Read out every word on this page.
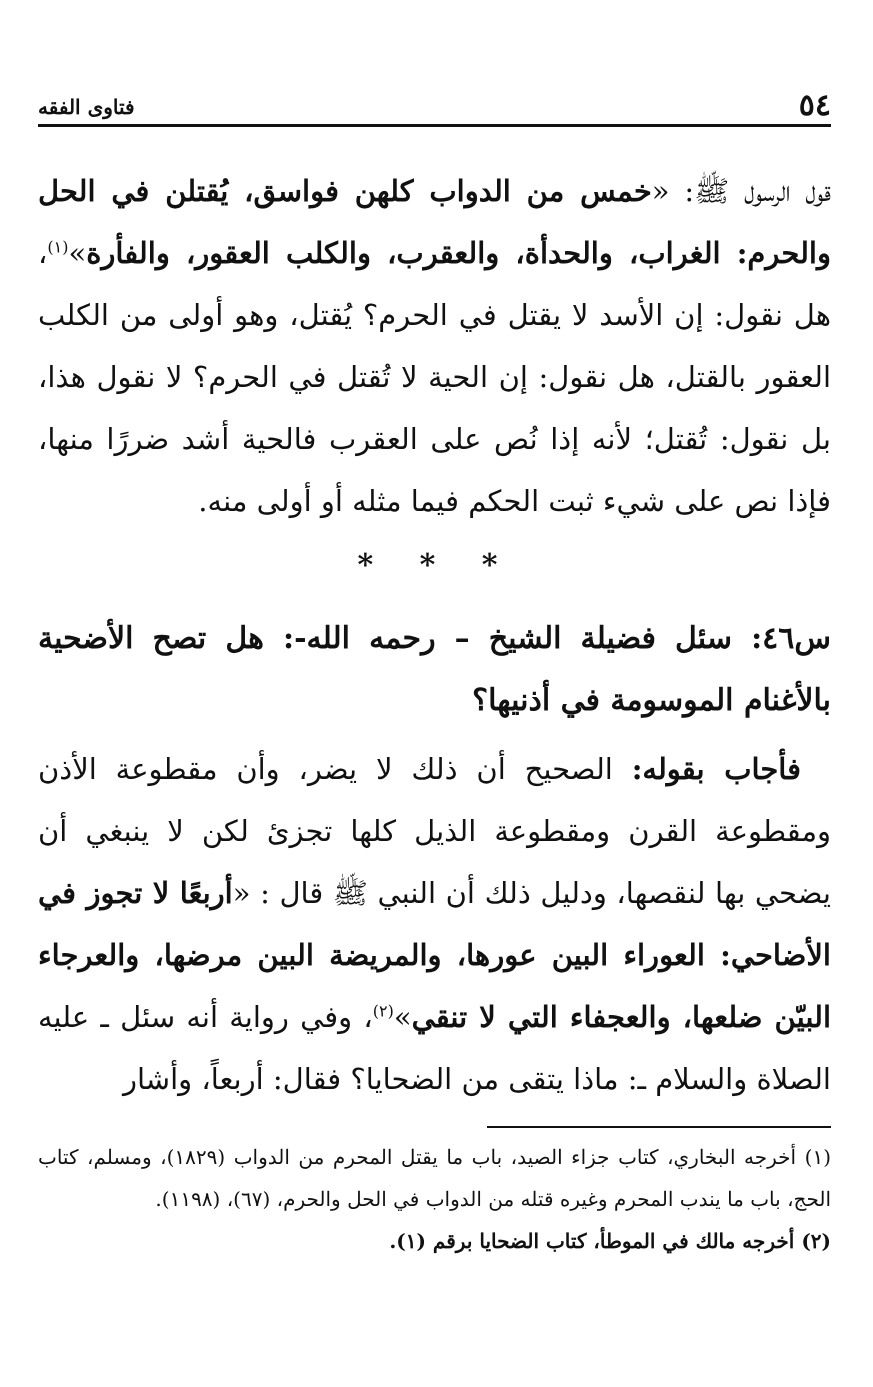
٥٤
فتاوى الفقه

قول الرسول ﷺ: «خمس من الدواب كلهن فواسق، يُقتلن في الحل والحرم: الغراب، والحدأة، والعقرب، والكلب العقور، والفأرة»$^{(١)}$، هل نقول: إن الأسد لا يقتل في الحرم؟ يُقتل، وهو أولى من الكلب العقور بالقتل، هل نقول: إن الحية لا تُقتل في الحرم؟ لا نقول هذا، بل نقول: تُقتل؛ لأنه إذا نُص على العقرب فالحية أشد ضررًا منها، فإذا نص على شيء ثبت الحكم فيما مثله أو أولى منه.

* * *

س٤٦: سئل فضيلة الشيخ – رحمه الله-: هل تصح الأضحية بالأغنام الموسومة في أذنيها؟

فأجاب بقوله: الصحيح أن ذلك لا يضر، وأن مقطوعة الأذن ومقطوعة القرن ومقطوعة الذيل كلها تجزئ لكن لا ينبغي أن يضحي بها لنقصها، ودليل ذلك أن النبي ﷺ قال : «أربعًا لا تجوز في الأضاحي: العوراء البين عورها، والمريضة البين مرضها، والعرجاء البيّن ضلعها، والعجفاء التي لا تنقي»$^{(٢)}$، وفي رواية أنه سئل ـ عليه الصلاة والسلام ـ: ماذا يتقى من الضحايا؟ فقال: أربعاً، وأشار

(١) أخرجه البخاري، كتاب جزاء الصيد، باب ما يقتل المحرم من الدواب (١٨٢٩)، ومسلم، كتاب الحج، باب ما يندب المحرم وغيره قتله من الدواب في الحل والحرم، (٦٧)، (١١٩٨).

(٢) أخرجه مالك في الموطأ، كتاب الضحايا برقم (١).
